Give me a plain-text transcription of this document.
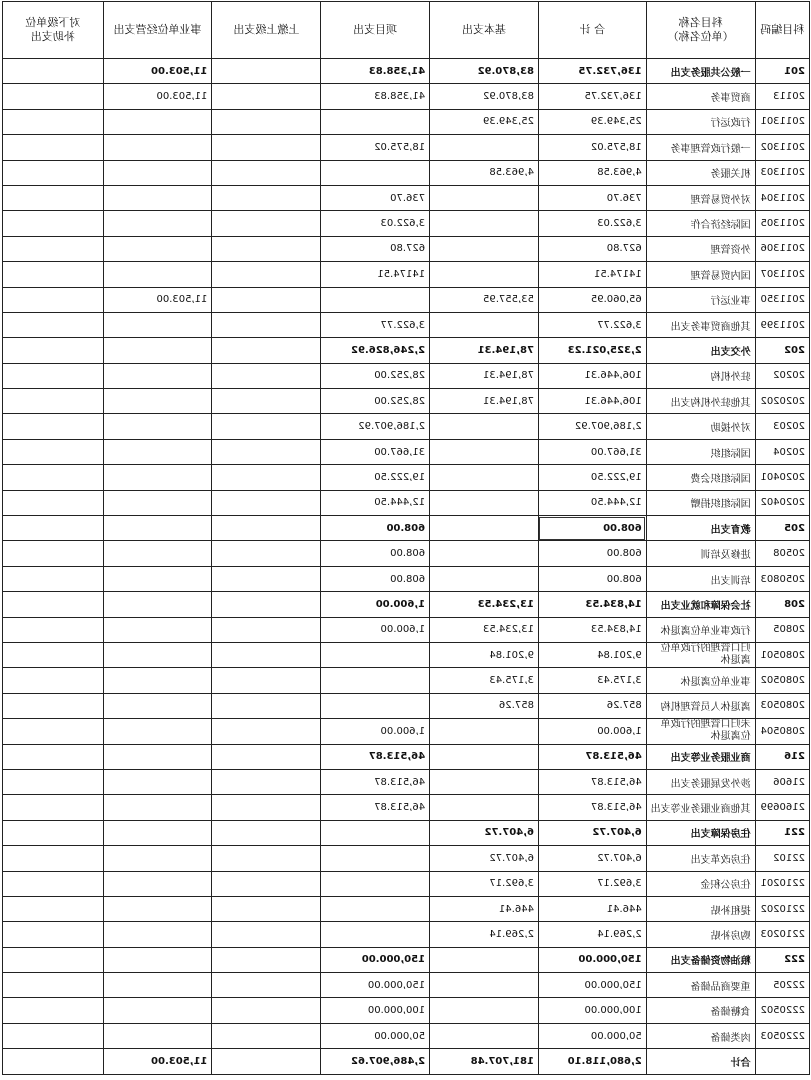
科目编码	科目名称
（单位名称）	合 计	基本支出	项目支出	上缴上级支出	事业单位经营支出	对下级单位
补助支出
201	一般公共服务支出	136,732.75	83,870.92	41,358.83		11,503.00	
20113	商贸事务	136,732.75	83,870.92	41,358.83		11,503.00	
2011301	行政运行	25,349.39	25,349.39				
2011302	一般行政管理事务	18,575.02		18,575.02			
2011303	机关服务	4,963.58	4,963.58				
2011304	对外贸易管理	736.70		736.70			
2011305	国际经济合作	3,622.03		3,622.03			
2011306	外资管理	627.80		627.80			
2011307	国内贸易管理	14174.51		14174.51			
2011350	事业运行	65,060.95	53,557.95			11,503.00	
2011399	其他商贸事务支出	3,622.77		3,622.77			
202	外交支出	2,325,021.23	78,194.31	2,246,826.92			
20202	驻外机构	106,446.31	78,194.31	28,252.00			
2020202	其他驻外机构支出	106,446.31	78,194.31	28,252.00			
20203	对外援助	2,186,907.92		2,186,907.92			
20204	国际组织	31,667.00		31,667.00			
2020401	国际组织会费	19,222.50		19,222.50			
2020402	国际组织捐赠	12,444.50		12,444.50			
205	教育支出	608.00		608.00			
20508	进修及培训	608.00		608.00			
2050803	培训支出	608.00		608.00			
208	社会保障和就业支出	14,834.53	13,234.53	1,600.00			
20805	行政事业单位离退休	14,834.53	13,234.53	1,600.00			
2080501	归口管理的行政单位离退休	9,201.84	9,201.84				
2080502	事业单位离退休	3,175.43	3,175.43				
2080503	离退休人员管理机构	857.26	857.26				
2080504	未归口管理的行政单位离退休	1,600.00		1,600.00			
216	商业服务业等支出	46,513.87		46,513.87			
21606	涉外发展服务支出	46,513.87		46,513.87			
2160699	其他商业服务业等支出	46,513.87		46,513.87			
221	住房保障支出	6,407.72	6,407.72				
22102	住房改革支出	6,407.72	6,407.72				
2210201	住房公积金	3,692.17	3,692.17				
2210202	提租补贴	446.41	446.41				
2210203	购房补贴	2,269.14	2,269.14				
222	粮油物资储备支出	150,000.00		150,000.00			
22205	重要商品储备	150,000.00		150,000.00			
2220502	食糖储备	100,000.00		100,000.00			
2220503	肉类储备	50,000.00		50,000.00			
	合计	2,680,118.10	181,707.48	2,486,907.62		11,503.00	
